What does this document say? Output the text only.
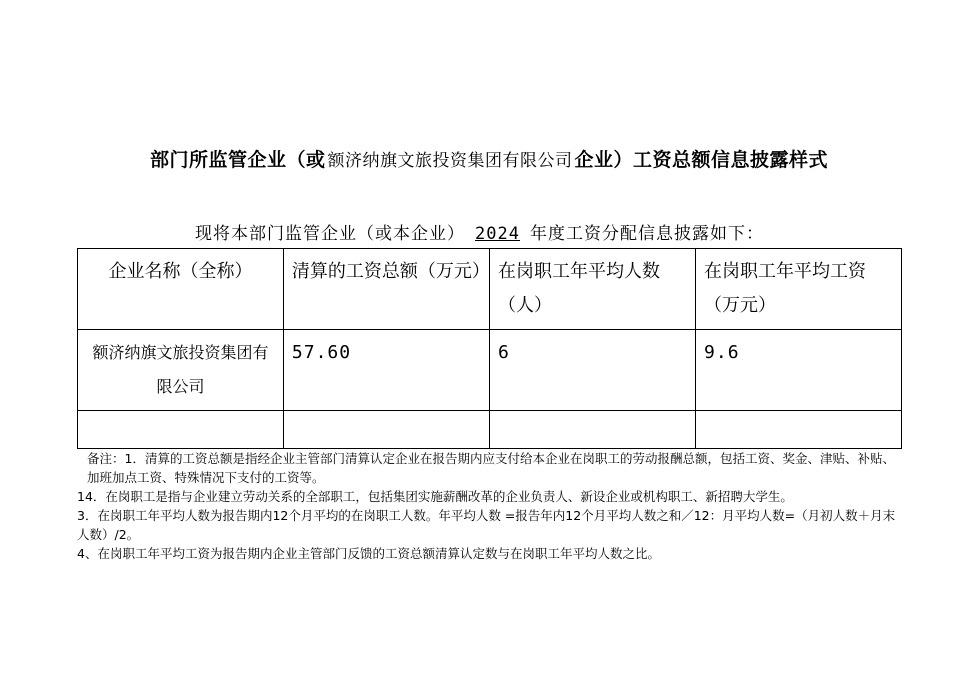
部门所监管企业（或 额济纳旗文旅投资集团有限公司 企业）工资总额信息披露样式
现将本部门监管企业（或本企业） 2024 年度工资分配信息披露如下：
企业名称（全称）	清算的工资总额（万元）	在岗职工年平均人数（人）	在岗职工年平均工资（万元）
额济纳旗文旅投资集团有限公司	57.60	6	9.6

备注：1．清算的工资总额是指经企业主管部门清算认定企业在报告期内应支付给本企业在岗职工的劳动报酬总额，包括工资、奖金、津贴、补贴、加班加点工资、特殊情况下支付的工资等。

14．在岗职工是指与企业建立劳动关系的全部职工，包括集团实施薪酬改革的企业负责人、新设企业或机构职工、新招聘大学生。

3．在岗职工年平均人数为报告期内12个月平均的在岗职工人数。年平均人数 =报告年内12个月平均人数之和／12：月平均人数=（月初人数＋月末人数）/2。

4、在岗职工年平均工资为报告期内企业主管部门反馈的工资总额清算认定数与在岗职工年平均人数之比。
